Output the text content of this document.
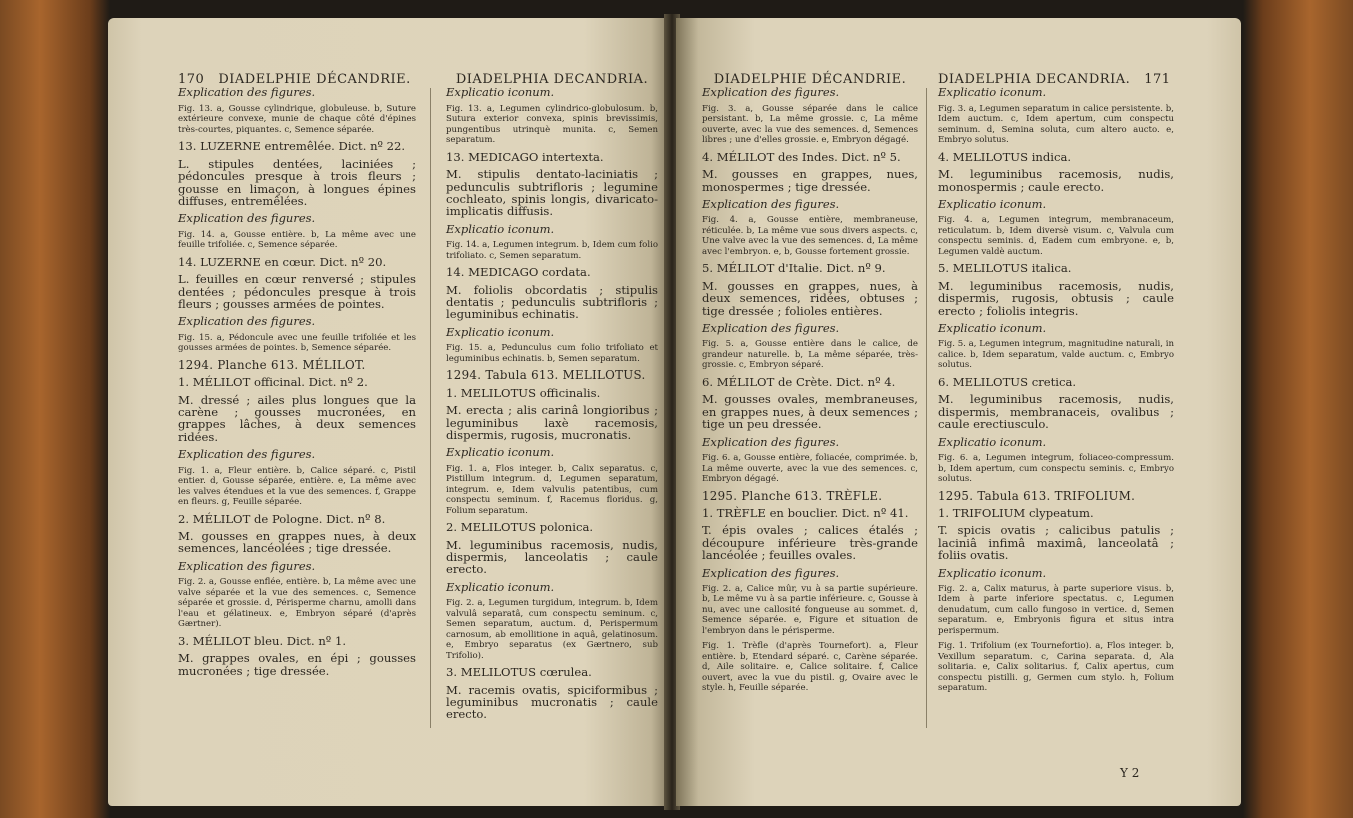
170 DIADELPHIE DÉCANDRIE.

Explication des figures.

Fig. 13. a, Gousse cylindrique, globuleuse. b, Suture extérieure convexe, munie de chaque côté d'épines très-courtes, piquantes. c, Semence séparée.

13. LUZERNE entremêlée. Dict. nº 22.

L. stipules dentées, laciniées ; pédoncules presque à trois fleurs ; gousse en limaçon, à longues épines diffuses, entremêlées.

Explication des figures.

Fig. 14. a, Gousse entière. b, La même avec une feuille trifoliée. c, Semence séparée.

14. LUZERNE en cœur. Dict. nº 20.

L. feuilles en cœur renversé ; stipules dentées ; pédoncules presque à trois fleurs ; gousses armées de pointes.

Explication des figures.

Fig. 15. a, Pédoncule avec une feuille trifoliée et les gousses armées de pointes. b, Semence séparée.

1294. Planche 613. MÉLILOT.

1. MÉLILOT officinal. Dict. nº 2.

M. dressé ; ailes plus longues que la carène ; gousses mucronées, en grappes lâches, à deux semences ridées.

Explication des figures.

Fig. 1. a, Fleur entière. b, Calice séparé. c, Pistil entier. d, Gousse séparée, entière. e, La même avec les valves étendues et la vue des semences. f, Grappe en fleurs. g, Feuille séparée.

2. MÉLILOT de Pologne. Dict. nº 8.

M. gousses en grappes nues, à deux semences, lancéolées ; tige dressée.

Explication des figures.

Fig. 2. a, Gousse enflée, entière. b, La même avec une valve séparée et la vue des semences. c, Semence séparée et grossie. d, Périsperme charnu, amolli dans l'eau et gélatineux. e, Embryon séparé (d'après Gærtner).

3. MÉLILOT bleu. Dict. nº 1.

M. grappes ovales, en épi ; gousses mucronées ; tige dressée.

DIADELPHIA DECANDRIA.

Explicatio iconum.

Fig. 13. a, Legumen cylindrico-globulosum. b, Sutura exterior convexa, spinis brevissimis, pungentibus utrinquè munita. c, Semen separatum.

13. MEDICAGO intertexta.

M. stipulis dentato-laciniatis ; pedunculis subtrifloris ; legumine cochleato, spinis longis, divaricato-implicatis diffusis.

Explicatio iconum.

Fig. 14. a, Legumen integrum. b, Idem cum folio trifoliato. c, Semen separatum.

14. MEDICAGO cordata.

M. foliolis obcordatis ; stipulis dentatis ; pedunculis subtrifloris ; leguminibus echinatis.

Explicatio iconum.

Fig. 15. a, Pedunculus cum folio trifoliato et leguminibus echinatis. b, Semen separatum.

1294. Tabula 613. MELILOTUS.

1. MELILOTUS officinalis.

M. erecta ; alis carinâ longioribus ; leguminibus laxè racemosis, dispermis, rugosis, mucronatis.

Explicatio iconum.

Fig. 1. a, Flos integer. b, Calix separatus. c, Pistillum integrum. d, Legumen separatum, integrum. e, Idem valvulis patentibus, cum conspectu seminum. f, Racemus floridus. g, Folium separatum.

2. MELILOTUS polonica.

M. leguminibus racemosis, nudis, dispermis, lanceolatis ; caule erecto.

Explicatio iconum.

Fig. 2. a, Legumen turgidum, integrum. b, Idem valvulâ separatâ, cum conspectu seminum. c, Semen separatum, auctum. d, Perispermum carnosum, ab emollitione in aquâ, gelatinosum. e, Embryo separatus (ex Gærtnero, sub Trifolio).

3. MELILOTUS cœrulea.

M. racemis ovatis, spiciformibus ; leguminibus mucronatis ; caule erecto.

DIADELPHIE DÉCANDRIE.

Explication des figures.

Fig. 3. a, Gousse séparée dans le calice persistant. b, La même grossie. c, La même ouverte, avec la vue des semences. d, Semences libres ; une d'elles grossie. e, Embryon dégagé.

4. MÉLILOT des Indes. Dict. nº 5.

M. gousses en grappes, nues, monospermes ; tige dressée.

Explication des figures.

Fig. 4. a, Gousse entière, membraneuse, réticulée. b, La même vue sous divers aspects. c, Une valve avec la vue des semences. d, La même avec l'embryon. e, b, Gousse fortement grossie.

5. MÉLILOT d'Italie. Dict. nº 9.

M. gousses en grappes, nues, à deux semences, ridées, obtuses ; tige dressée ; folioles entières.

Explication des figures.

Fig. 5. a, Gousse entière dans le calice, de grandeur naturelle. b, La même séparée, très-grossie. c, Embryon séparé.

6. MÉLILOT de Crète. Dict. nº 4.

M. gousses ovales, membraneuses, en grappes nues, à deux semences ; tige un peu dressée.

Explication des figures.

Fig. 6. a, Gousse entière, foliacée, comprimée. b, La même ouverte, avec la vue des semences. c, Embryon dégagé.

1295. Planche 613. TRÈFLE.

1. TRÈFLE en bouclier. Dict. nº 41.

T. épis ovales ; calices étalés ; découpure inférieure très-grande lancéolée ; feuilles ovales.

Explication des figures.

Fig. 2. a, Calice mûr, vu à sa partie supérieure. b, Le même vu à sa partie inférieure. c, Gousse à nu, avec une callosité fongueuse au sommet. d, Semence séparée. e, Figure et situation de l'embryon dans le périsperme.

Fig. 1. Trèfle (d'après Tournefort). a, Fleur entière. b, Etendard séparé. c, Carène séparée. d, Aile solitaire. e, Calice solitaire. f, Calice ouvert, avec la vue du pistil. g, Ovaire avec le style. h, Feuille séparée.

DIADELPHIA DECANDRIA. 171

Explicatio iconum.

Fig. 3. a, Legumen separatum in calice persistente. b, Idem auctum. c, Idem apertum, cum conspectu seminum. d, Semina soluta, cum altero aucto. e, Embryo solutus.

4. MELILOTUS indica.

M. leguminibus racemosis, nudis, monospermis ; caule erecto.

Explicatio iconum.

Fig. 4. a, Legumen integrum, membranaceum, reticulatum. b, Idem diversè visum. c, Valvula cum conspectu seminis. d, Eadem cum embryone. e, b, Legumen valdè auctum.

5. MELILOTUS italica.

M. leguminibus racemosis, nudis, dispermis, rugosis, obtusis ; caule erecto ; foliolis integris.

Explicatio iconum.

Fig. 5. a, Legumen integrum, magnitudine naturali, in calice. b, Idem separatum, valde auctum. c, Embryo solutus.

6. MELILOTUS cretica.

M. leguminibus racemosis, nudis, dispermis, membranaceis, ovalibus ; caule erectiusculo.

Explicatio iconum.

Fig. 6. a, Legumen integrum, foliaceo-compressum. b, Idem apertum, cum conspectu seminis. c, Embryo solutus.

1295. Tabula 613. TRIFOLIUM.

1. TRIFOLIUM clypeatum.

T. spicis ovatis ; calicibus patulis ; laciniâ infimâ maximâ, lanceolatâ ; foliis ovatis.

Explicatio iconum.

Fig. 2. a, Calix maturus, à parte superiore visus. b, Idem à parte inferiore spectatus. c, Legumen denudatum, cum callo fungoso in vertice. d, Semen separatum. e, Embryonis figura et situs intra perispermum.

Fig. 1. Trifolium (ex Tournefortio). a, Flos integer. b, Vexillum separatum. c, Carina separata. d, Ala solitaria. e, Calix solitarius. f, Calix apertus, cum conspectu pistilli. g, Germen cum stylo. h, Folium separatum.

Y 2
